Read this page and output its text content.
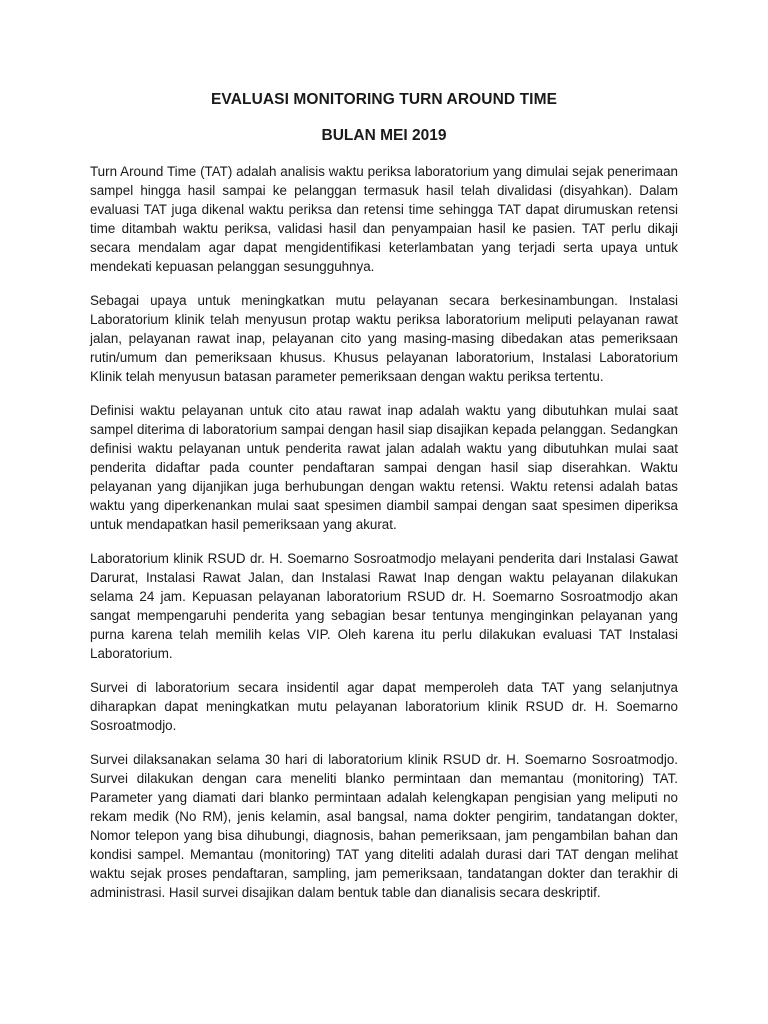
EVALUASI MONITORING TURN AROUND TIME
BULAN MEI 2019

Turn Around Time (TAT) adalah analisis waktu periksa laboratorium yang dimulai sejak penerimaan sampel hingga hasil sampai ke pelanggan termasuk hasil telah divalidasi (disyahkan). Dalam evaluasi TAT juga dikenal waktu periksa dan retensi time sehingga TAT dapat dirumuskan retensi time ditambah waktu periksa, validasi hasil dan penyampaian hasil ke pasien. TAT perlu dikaji secara mendalam agar dapat mengidentifikasi keterlambatan yang terjadi serta upaya untuk mendekati kepuasan pelanggan sesungguhnya.

Sebagai upaya untuk meningkatkan mutu pelayanan secara berkesinambungan. Instalasi Laboratorium klinik telah menyusun protap waktu periksa laboratorium meliputi pelayanan rawat jalan, pelayanan rawat inap, pelayanan cito yang masing-masing dibedakan atas pemeriksaan rutin/umum dan pemeriksaan khusus. Khusus pelayanan laboratorium, Instalasi Laboratorium Klinik telah menyusun batasan parameter pemeriksaan dengan waktu periksa tertentu.

Definisi waktu pelayanan untuk cito atau rawat inap adalah waktu yang dibutuhkan mulai saat sampel diterima di laboratorium sampai dengan hasil siap disajikan kepada pelanggan. Sedangkan definisi waktu pelayanan untuk penderita rawat jalan adalah waktu yang dibutuhkan mulai saat penderita didaftar pada counter pendaftaran sampai dengan hasil siap diserahkan. Waktu pelayanan yang dijanjikan juga berhubungan dengan waktu retensi. Waktu retensi adalah batas waktu yang diperkenankan mulai saat spesimen diambil sampai dengan saat spesimen diperiksa untuk mendapatkan hasil pemeriksaan yang akurat.

Laboratorium klinik RSUD dr. H. Soemarno Sosroatmodjo melayani penderita dari Instalasi Gawat Darurat, Instalasi Rawat Jalan, dan Instalasi Rawat Inap dengan waktu pelayanan dilakukan selama 24 jam. Kepuasan pelayanan laboratorium RSUD dr. H. Soemarno Sosroatmodjo akan sangat mempengaruhi penderita yang sebagian besar tentunya menginginkan pelayanan yang purna karena telah memilih kelas VIP. Oleh karena itu perlu dilakukan evaluasi TAT Instalasi Laboratorium.

Survei di laboratorium secara insidentil agar dapat memperoleh data TAT yang selanjutnya diharapkan dapat meningkatkan mutu pelayanan laboratorium klinik RSUD dr. H. Soemarno Sosroatmodjo.

Survei dilaksanakan selama 30 hari di laboratorium klinik RSUD dr. H. Soemarno Sosroatmodjo. Survei dilakukan dengan cara meneliti blanko permintaan dan memantau (monitoring) TAT. Parameter yang diamati dari blanko permintaan adalah kelengkapan pengisian yang meliputi no rekam medik (No RM), jenis kelamin, asal bangsal, nama dokter pengirim, tandatangan dokter, Nomor telepon yang bisa dihubungi, diagnosis, bahan pemeriksaan, jam pengambilan bahan dan kondisi sampel. Memantau (monitoring) TAT yang diteliti adalah durasi dari TAT dengan melihat waktu sejak proses pendaftaran, sampling, jam pemeriksaan, tandatangan dokter dan terakhir di administrasi. Hasil survei disajikan dalam bentuk table dan dianalisis secara deskriptif.
